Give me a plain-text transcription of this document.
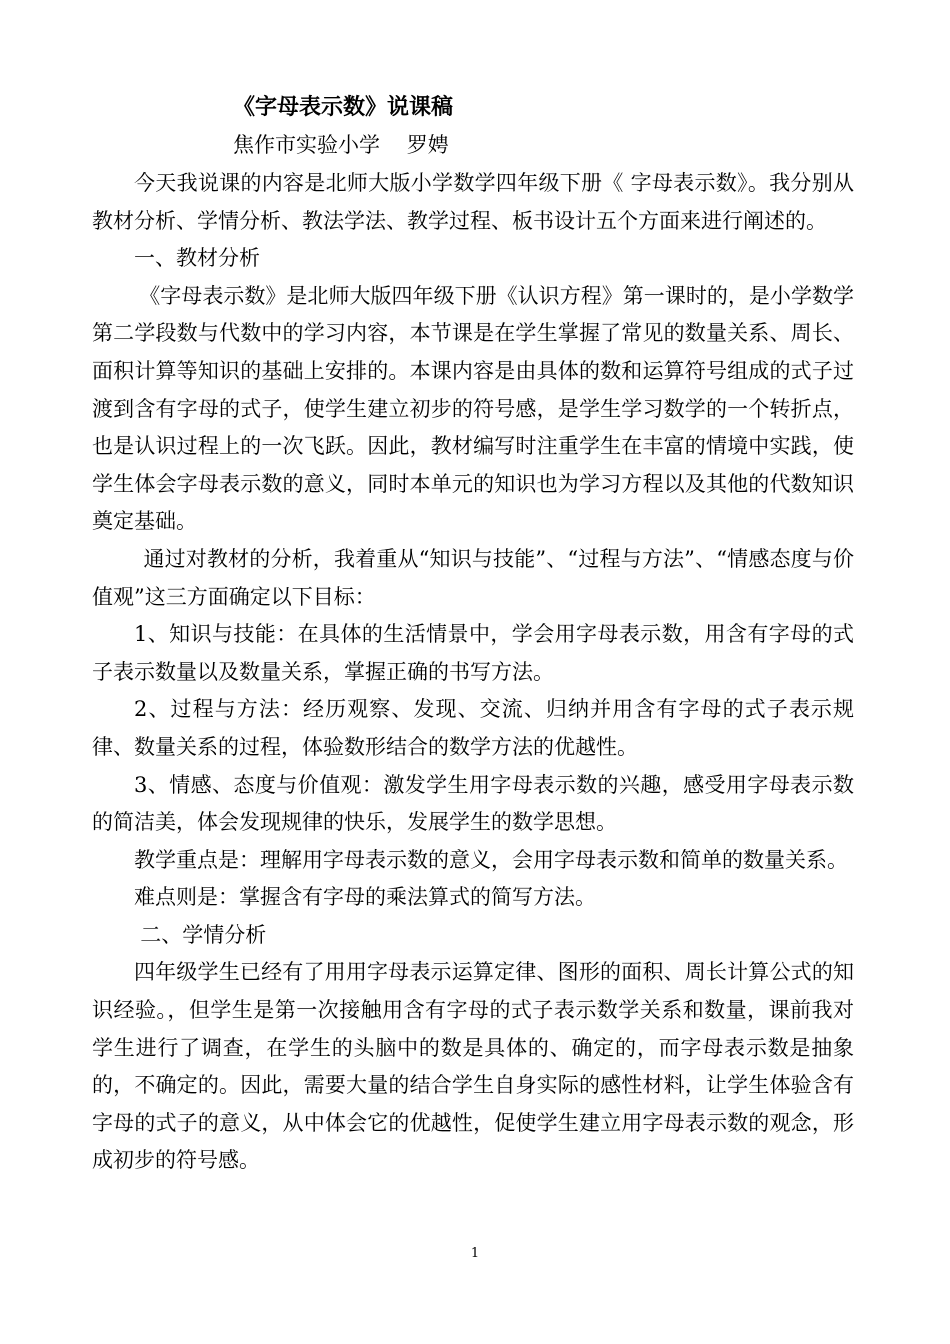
《字母表示数》说课稿
焦作市实验小学    罗娉

今天我说课的内容是北师大版小学数学四年级下册《 字母表示数》。我分别从教材分析、学情分析、教法学法、教学过程、板书设计五个方面来进行阐述的。

一、教材分析

《字母表示数》是北师大版四年级下册《认识方程》第一课时的，是小学数学第二学段数与代数中的学习内容，本节课是在学生掌握了常见的数量关系、周长、面积计算等知识的基础上安排的。本课内容是由具体的数和运算符号组成的式子过渡到含有字母的式子，使学生建立初步的符号感，是学生学习数学的一个转折点，也是认识过程上的一次飞跃。因此，教材编写时注重学生在丰富的情境中实践，使学生体会字母表示数的意义，同时本单元的知识也为学习方程以及其他的代数知识奠定基础。

通过对教材的分析，我着重从“知识与技能”、“过程与方法”、“情感态度与价值观”这三方面确定以下目标：

1、知识与技能：在具体的生活情景中，学会用字母表示数，用含有字母的式子表示数量以及数量关系，掌握正确的书写方法。

2、过程与方法：经历观察、发现、交流、归纳并用含有字母的式子表示规律、数量关系的过程，体验数形结合的数学方法的优越性。

3、情感、态度与价值观：激发学生用字母表示数的兴趣，感受用字母表示数的简洁美，体会发现规律的快乐，发展学生的数学思想。

教学重点是：理解用字母表示数的意义，会用字母表示数和简单的数量关系。

难点则是：掌握含有字母的乘法算式的简写方法。

二、学情分析

四年级学生已经有了用用字母表示运算定律、图形的面积、周长计算公式的知识经验。，但学生是第一次接触用含有字母的式子表示数学关系和数量，课前我对学生进行了调查，在学生的头脑中的数是具体的、确定的，而字母表示数是抽象的，不确定的。因此，需要大量的结合学生自身实际的感性材料，让学生体验含有字母的式子的意义，从中体会它的优越性，促使学生建立用字母表示数的观念，形成初步的符号感。

1
